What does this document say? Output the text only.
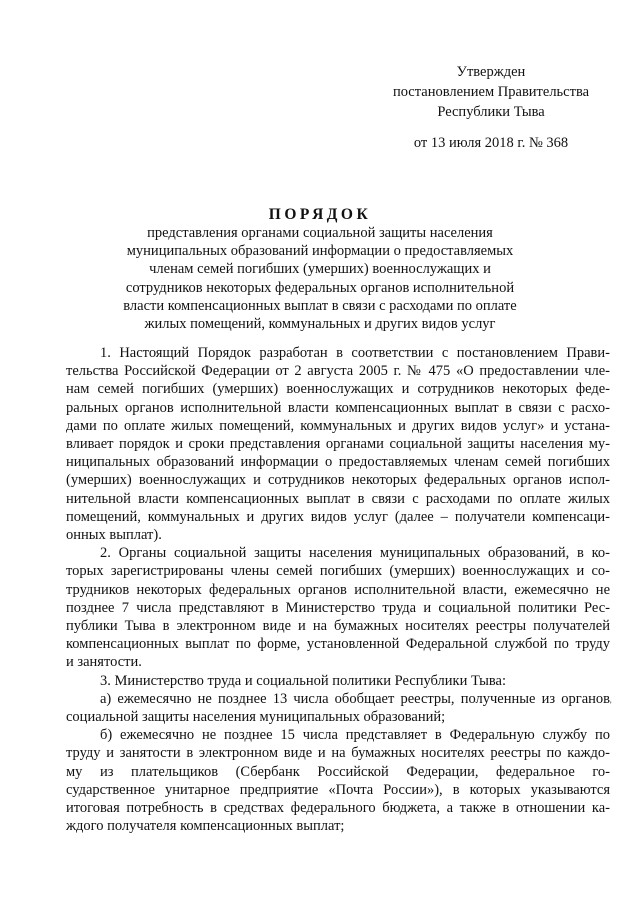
Утвержден
постановлением Правительства
Республики Тыва
от 13 июля 2018 г. № 368
ПОРЯДОК
представления органами социальной защиты населения
муниципальных образований информации о предоставляемых
членам семей погибших (умерших) военнослужащих и
сотрудников некоторых федеральных органов исполнительной
власти компенсационных выплат в связи с расходами по оплате
жилых помещений, коммунальных и других видов услуг
1. Настоящий Порядок разработан в соответствии с постановлением Прави-
тельства Российской Федерации от 2 августа 2005 г. № 475 «О предоставлении чле-
нам семей погибших (умерших) военнослужащих и сотрудников некоторых феде-
ральных органов исполнительной власти компенсационных выплат в связи с расхо-
дами по оплате жилых помещений, коммунальных и других видов услуг» и устана-
вливает порядок и сроки представления органами социальной защиты населения му-
ниципальных образований информации о предоставляемых членам семей погибших
(умерших) военнослужащих и сотрудников некоторых федеральных органов испол-
нительной власти компенсационных выплат в связи с расходами по оплате жилых
помещений, коммунальных и других видов услуг (далее – получатели компенсаци-
онных выплат).
2. Органы социальной защиты населения муниципальных образований, в ко-
торых зарегистрированы члены семей погибших (умерших) военнослужащих и со-
трудников некоторых федеральных органов исполнительной власти, ежемесячно не
позднее 7 числа представляют в Министерство труда и социальной политики Рес-
публики Тыва в электронном виде и на бумажных носителях реестры получателей
компенсационных выплат по форме, установленной Федеральной службой по труду
и занятости.
3. Министерство труда и социальной политики Республики Тыва:
а) ежемесячно не позднее 13 числа обобщает реестры, полученные из органов
социальной защиты населения муниципальных образований;
б) ежемесячно не позднее 15 числа представляет в Федеральную службу по
труду и занятости в электронном виде и на бумажных носителях реестры по каждо-
му из плательщиков (Сбербанк Российской Федерации, федеральное го-
сударственное унитарное предприятие «Почта России»), в которых указываются
итоговая потребность в средствах федерального бюджета, а также в отношении ка-
ждого получателя компенсационных выплат;
'
